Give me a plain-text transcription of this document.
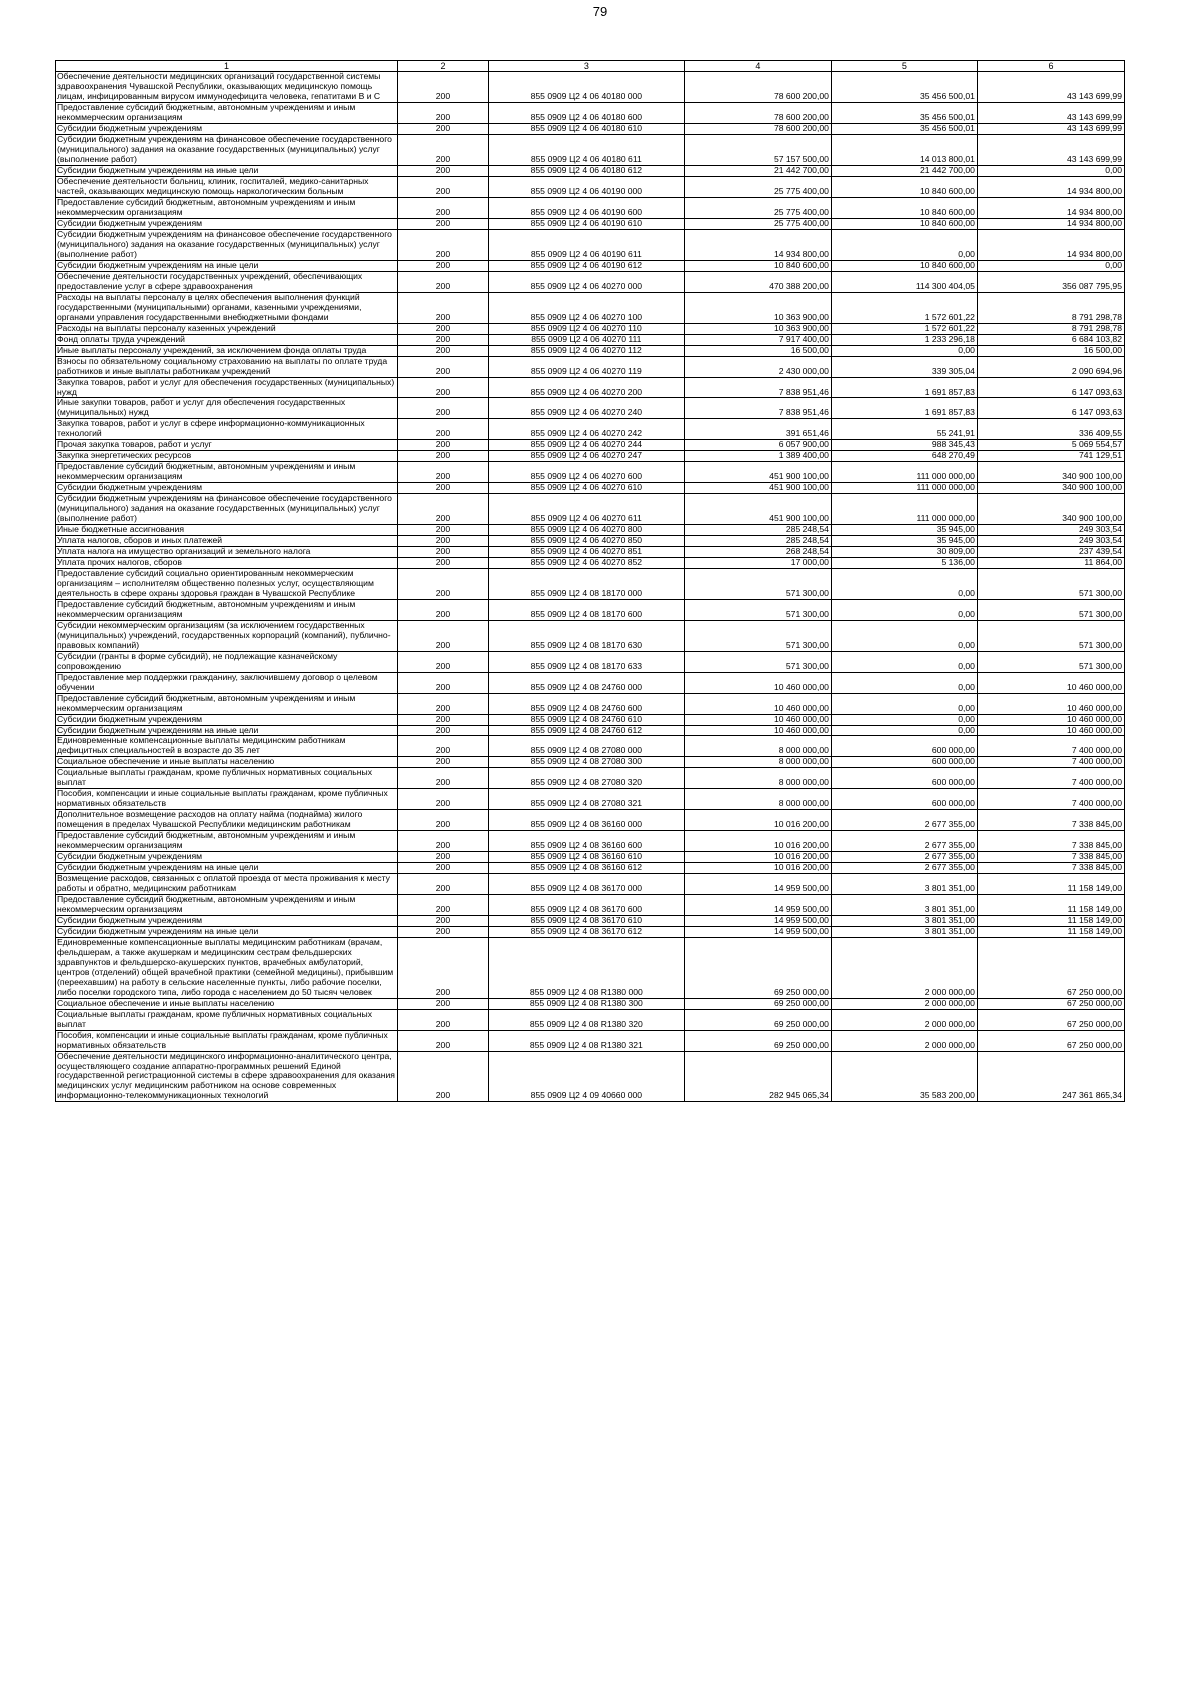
79
1	2	3	4	5	6
Обеспечение деятельности медицинских организаций государственной системы здравоохранения Чувашской Республики, оказывающих медицинскую помощь лицам, инфицированным вирусом иммунодефицита человека, гепатитами В и С	200	855 0909 Ц2 4 06 40180 000	78 600 200,00	35 456 500,01	43 143 699,99
Предоставление субсидий бюджетным, автономным учреждениям и иным некоммерческим организациям	200	855 0909 Ц2 4 06 40180 600	78 600 200,00	35 456 500,01	43 143 699,99
Субсидии бюджетным учреждениям	200	855 0909 Ц2 4 06 40180 610	78 600 200,00	35 456 500,01	43 143 699,99
Субсидии бюджетным учреждениям на финансовое обеспечение государственного (муниципального) задания на оказание государственных (муниципальных) услуг (выполнение работ)	200	855 0909 Ц2 4 06 40180 611	57 157 500,00	14 013 800,01	43 143 699,99
Субсидии бюджетным учреждениям на иные цели	200	855 0909 Ц2 4 06 40180 612	21 442 700,00	21 442 700,00	0,00
Обеспечение деятельности больниц, клиник, госпиталей, медико-санитарных частей, оказывающих медицинскую помощь наркологическим больным	200	855 0909 Ц2 4 06 40190 000	25 775 400,00	10 840 600,00	14 934 800,00
Предоставление субсидий бюджетным, автономным учреждениям и иным некоммерческим организациям	200	855 0909 Ц2 4 06 40190 600	25 775 400,00	10 840 600,00	14 934 800,00
Субсидии бюджетным учреждениям	200	855 0909 Ц2 4 06 40190 610	25 775 400,00	10 840 600,00	14 934 800,00
Субсидии бюджетным учреждениям на финансовое обеспечение государственного (муниципального) задания на оказание государственных (муниципальных) услуг (выполнение работ)	200	855 0909 Ц2 4 06 40190 611	14 934 800,00	0,00	14 934 800,00
Субсидии бюджетным учреждениям на иные цели	200	855 0909 Ц2 4 06 40190 612	10 840 600,00	10 840 600,00	0,00
Обеспечение деятельности государственных учреждений, обеспечивающих предоставление услуг в сфере здравоохранения	200	855 0909 Ц2 4 06 40270 000	470 388 200,00	114 300 404,05	356 087 795,95
Расходы на выплаты персоналу в целях обеспечения выполнения функций государственными (муниципальными) органами, казенными учреждениями, органами управления государственными внебюджетными фондами	200	855 0909 Ц2 4 06 40270 100	10 363 900,00	1 572 601,22	8 791 298,78
Расходы на выплаты персоналу казенных учреждений	200	855 0909 Ц2 4 06 40270 110	10 363 900,00	1 572 601,22	8 791 298,78
Фонд оплаты труда учреждений	200	855 0909 Ц2 4 06 40270 111	7 917 400,00	1 233 296,18	6 684 103,82
Иные выплаты персоналу учреждений, за исключением фонда оплаты труда	200	855 0909 Ц2 4 06 40270 112	16 500,00	0,00	16 500,00
Взносы по обязательному социальному страхованию на выплаты по оплате труда работников и иные выплаты работникам учреждений	200	855 0909 Ц2 4 06 40270 119	2 430 000,00	339 305,04	2 090 694,96
Закупка товаров, работ и услуг для обеспечения государственных (муниципальных) нужд	200	855 0909 Ц2 4 06 40270 200	7 838 951,46	1 691 857,83	6 147 093,63
Иные закупки товаров, работ и услуг для обеспечения государственных (муниципальных) нужд	200	855 0909 Ц2 4 06 40270 240	7 838 951,46	1 691 857,83	6 147 093,63
Закупка товаров, работ и услуг в сфере информационно-коммуникационных технологий	200	855 0909 Ц2 4 06 40270 242	391 651,46	55 241,91	336 409,55
Прочая закупка товаров, работ и услуг	200	855 0909 Ц2 4 06 40270 244	6 057 900,00	988 345,43	5 069 554,57
Закупка энергетических ресурсов	200	855 0909 Ц2 4 06 40270 247	1 389 400,00	648 270,49	741 129,51
Предоставление субсидий бюджетным, автономным учреждениям и иным некоммерческим организациям	200	855 0909 Ц2 4 06 40270 600	451 900 100,00	111 000 000,00	340 900 100,00
Субсидии бюджетным учреждениям	200	855 0909 Ц2 4 06 40270 610	451 900 100,00	111 000 000,00	340 900 100,00
Субсидии бюджетным учреждениям на финансовое обеспечение государственного (муниципального) задания на оказание государственных (муниципальных) услуг (выполнение работ)	200	855 0909 Ц2 4 06 40270 611	451 900 100,00	111 000 000,00	340 900 100,00
Иные бюджетные ассигнования	200	855 0909 Ц2 4 06 40270 800	285 248,54	35 945,00	249 303,54
Уплата налогов, сборов и иных платежей	200	855 0909 Ц2 4 06 40270 850	285 248,54	35 945,00	249 303,54
Уплата налога на имущество организаций и земельного налога	200	855 0909 Ц2 4 06 40270 851	268 248,54	30 809,00	237 439,54
Уплата прочих налогов, сборов	200	855 0909 Ц2 4 06 40270 852	17 000,00	5 136,00	11 864,00
Предоставление субсидий социально ориентированным некоммерческим организациям – исполнителям общественно полезных услуг, осуществляющим деятельность в сфере охраны здоровья граждан в Чувашской Республике	200	855 0909 Ц2 4 08 18170 000	571 300,00	0,00	571 300,00
Предоставление субсидий бюджетным, автономным учреждениям и иным некоммерческим организациям	200	855 0909 Ц2 4 08 18170 600	571 300,00	0,00	571 300,00
Субсидии некоммерческим организациям (за исключением государственных (муниципальных) учреждений, государственных корпораций (компаний), публично-правовых компаний)	200	855 0909 Ц2 4 08 18170 630	571 300,00	0,00	571 300,00
Субсидии (гранты в форме субсидий), не подлежащие казначейскому сопровождению	200	855 0909 Ц2 4 08 18170 633	571 300,00	0,00	571 300,00
Предоставление мер поддержки гражданину, заключившему договор о целевом обучении	200	855 0909 Ц2 4 08 24760 000	10 460 000,00	0,00	10 460 000,00
Предоставление субсидий бюджетным, автономным учреждениям и иным некоммерческим организациям	200	855 0909 Ц2 4 08 24760 600	10 460 000,00	0,00	10 460 000,00
Субсидии бюджетным учреждениям	200	855 0909 Ц2 4 08 24760 610	10 460 000,00	0,00	10 460 000,00
Субсидии бюджетным учреждениям на иные цели	200	855 0909 Ц2 4 08 24760 612	10 460 000,00	0,00	10 460 000,00
Единовременные компенсационные выплаты медицинским работникам дефицитных специальностей в возрасте до 35 лет	200	855 0909 Ц2 4 08 27080 000	8 000 000,00	600 000,00	7 400 000,00
Социальное обеспечение и иные выплаты населению	200	855 0909 Ц2 4 08 27080 300	8 000 000,00	600 000,00	7 400 000,00
Социальные выплаты гражданам, кроме публичных нормативных социальных выплат	200	855 0909 Ц2 4 08 27080 320	8 000 000,00	600 000,00	7 400 000,00
Пособия, компенсации и иные социальные выплаты гражданам, кроме публичных нормативных обязательств	200	855 0909 Ц2 4 08 27080 321	8 000 000,00	600 000,00	7 400 000,00
Дополнительное возмещение расходов на оплату найма (поднайма) жилого помещения в пределах Чувашской Республики медицинским работникам	200	855 0909 Ц2 4 08 36160 000	10 016 200,00	2 677 355,00	7 338 845,00
Предоставление субсидий бюджетным, автономным учреждениям и иным некоммерческим организациям	200	855 0909 Ц2 4 08 36160 600	10 016 200,00	2 677 355,00	7 338 845,00
Субсидии бюджетным учреждениям	200	855 0909 Ц2 4 08 36160 610	10 016 200,00	2 677 355,00	7 338 845,00
Субсидии бюджетным учреждениям на иные цели	200	855 0909 Ц2 4 08 36160 612	10 016 200,00	2 677 355,00	7 338 845,00
Возмещение расходов, связанных с оплатой проезда от места проживания к месту работы и обратно, медицинским работникам	200	855 0909 Ц2 4 08 36170 000	14 959 500,00	3 801 351,00	11 158 149,00
Предоставление субсидий бюджетным, автономным учреждениям и иным некоммерческим организациям	200	855 0909 Ц2 4 08 36170 600	14 959 500,00	3 801 351,00	11 158 149,00
Субсидии бюджетным учреждениям	200	855 0909 Ц2 4 08 36170 610	14 959 500,00	3 801 351,00	11 158 149,00
Субсидии бюджетным учреждениям на иные цели	200	855 0909 Ц2 4 08 36170 612	14 959 500,00	3 801 351,00	11 158 149,00
Единовременные компенсационные выплаты медицинским работникам (врачам, фельдшерам, а также акушеркам и медицинским сестрам фельдшерских здравпунктов и фельдшерско-акушерских пунктов, врачебных амбулаторий, центров (отделений) общей врачебной практики (семейной медицины), прибывшим (переехавшим) на работу в сельские населенные пункты, либо рабочие поселки, либо поселки городского типа, либо города с населением до 50 тысяч человек	200	855 0909 Ц2 4 08 R1380 000	69 250 000,00	2 000 000,00	67 250 000,00
Социальное обеспечение и иные выплаты населению	200	855 0909 Ц2 4 08 R1380 300	69 250 000,00	2 000 000,00	67 250 000,00
Социальные выплаты гражданам, кроме публичных нормативных социальных выплат	200	855 0909 Ц2 4 08 R1380 320	69 250 000,00	2 000 000,00	67 250 000,00
Пособия, компенсации и иные социальные выплаты гражданам, кроме публичных нормативных обязательств	200	855 0909 Ц2 4 08 R1380 321	69 250 000,00	2 000 000,00	67 250 000,00
Обеспечение деятельности медицинского информационно-аналитического центра, осуществляющего создание аппаратно-программных решений Единой государственной регистрационной системы в сфере здравоохранения для оказания медицинских услуг медицинским работником на основе современных информационно-телекоммуникационных технологий	200	855 0909 Ц2 4 09 40660 000	282 945 065,34	35 583 200,00	247 361 865,34
